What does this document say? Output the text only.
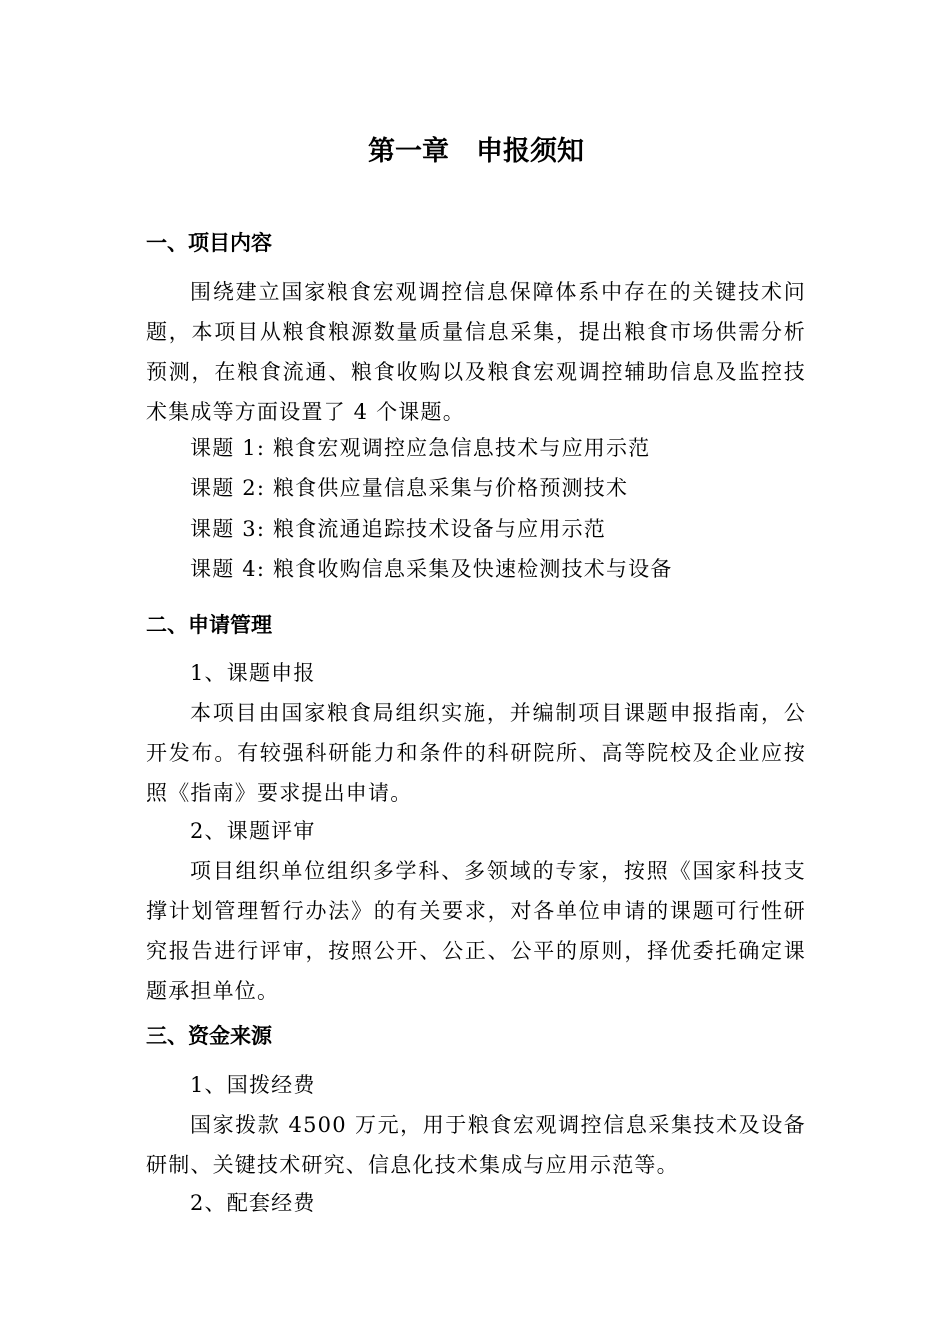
第一章　申报须知
一、项目内容

围绕建立国家粮食宏观调控信息保障体系中存在的关键技术问题，本项目从粮食粮源数量质量信息采集，提出粮食市场供需分析预测，在粮食流通、粮食收购以及粮食宏观调控辅助信息及监控技术集成等方面设置了 4 个课题。

课题 1: 粮食宏观调控应急信息技术与应用示范

课题 2: 粮食供应量信息采集与价格预测技术

课题 3: 粮食流通追踪技术设备与应用示范

课题 4: 粮食收购信息采集及快速检测技术与设备

二、申请管理

1、课题申报

本项目由国家粮食局组织实施，并编制项目课题申报指南，公开发布。有较强科研能力和条件的科研院所、高等院校及企业应按照《指南》要求提出申请。

2、课题评审

项目组织单位组织多学科、多领域的专家，按照《国家科技支撑计划管理暂行办法》的有关要求，对各单位申请的课题可行性研究报告进行评审，按照公开、公正、公平的原则，择优委托确定课题承担单位。

三、资金来源

1、国拨经费

国家拨款 4500 万元，用于粮食宏观调控信息采集技术及设备研制、关键技术研究、信息化技术集成与应用示范等。

2、配套经费
